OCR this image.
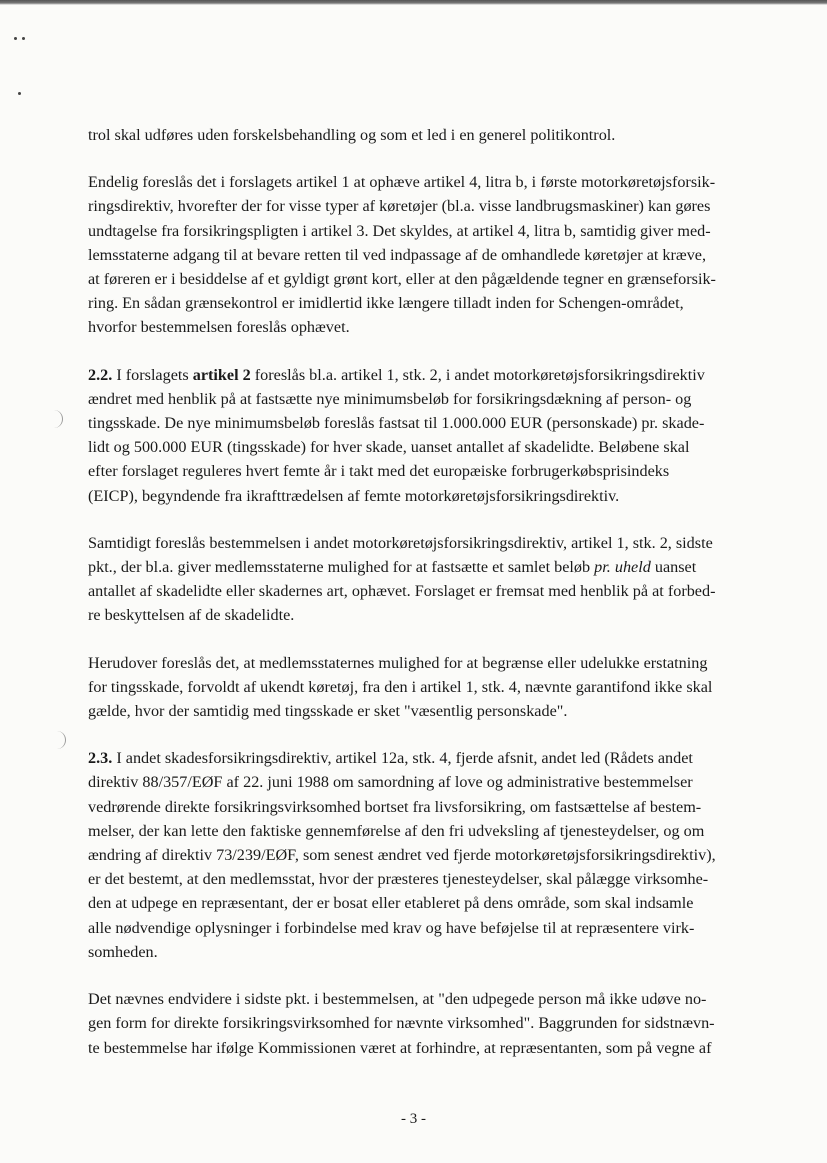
trol skal udføres uden forskelsbehandling og som et led i en generel politikontrol.

Endelig foreslås det i forslagets artikel 1 at ophæve artikel 4, litra b, i første motorkøretøjsforsik-
ringsdirektiv, hvorefter der for visse typer af køretøjer (bl.a. visse landbrugsmaskiner) kan gøres
undtagelse fra forsikringspligten i artikel 3. Det skyldes, at artikel 4, litra b, samtidig giver med-
lemsstaterne adgang til at bevare retten til ved indpassage af de omhandlede køretøjer at kræve,
at føreren er i besiddelse af et gyldigt grønt kort, eller at den pågældende tegner en grænseforsik-
ring. En sådan grænsekontrol er imidlertid ikke længere tilladt inden for Schengen-området,
hvorfor bestemmelsen foreslås ophævet.

2.2. I forslagets artikel 2 foreslås bl.a. artikel 1, stk. 2, i andet motorkøretøjsforsikringsdirektiv
ændret med henblik på at fastsætte nye minimumsbeløb for forsikringsdækning af person- og
tingsskade. De nye minimumsbeløb foreslås fastsat til 1.000.000 EUR (personskade) pr. skade-
lidt og 500.000 EUR (tingsskade) for hver skade, uanset antallet af skadelidte. Beløbene skal
efter forslaget reguleres hvert femte år i takt med det europæiske forbrugerkøbsprisindeks
(EICP), begyndende fra ikrafttrædelsen af femte motorkøretøjsforsikringsdirektiv.

Samtidigt foreslås bestemmelsen i andet motorkøretøjsforsikringsdirektiv, artikel 1, stk. 2, sidste
pkt., der bl.a. giver medlemsstaterne mulighed for at fastsætte et samlet beløb pr. uheld uanset
antallet af skadelidte eller skadernes art, ophævet. Forslaget er fremsat med henblik på at forbed-
re beskyttelsen af de skadelidte.

Herudover foreslås det, at medlemsstaternes mulighed for at begrænse eller udelukke erstatning
for tingsskade, forvoldt af ukendt køretøj, fra den i artikel 1, stk. 4, nævnte garantifond ikke skal
gælde, hvor der samtidig med tingsskade er sket "væsentlig personskade".

2.3. I andet skadesforsikringsdirektiv, artikel 12a, stk. 4, fjerde afsnit, andet led (Rådets andet
direktiv 88/357/EØF af 22. juni 1988 om samordning af love og administrative bestemmelser
vedrørende direkte forsikringsvirksomhed bortset fra livsforsikring, om fastsættelse af bestem-
melser, der kan lette den faktiske gennemførelse af den fri udveksling af tjenesteydelser, og om
ændring af direktiv 73/239/EØF, som senest ændret ved fjerde motorkøretøjsforsikringsdirektiv),
er det bestemt, at den medlemsstat, hvor der præsteres tjenesteydelser, skal pålægge virksomhe-
den at udpege en repræsentant, der er bosat eller etableret på dens område, som skal indsamle
alle nødvendige oplysninger i forbindelse med krav og have beføjelse til at repræsentere virk-
somheden.

Det nævnes endvidere i sidste pkt. i bestemmelsen, at "den udpegede person må ikke udøve no-
gen form for direkte forsikringsvirksomhed for nævnte virksomhed". Baggrunden for sidstnævn-
te bestemmelse har ifølge Kommissionen været at forhindre, at repræsentanten, som på vegne af

- 3 -
